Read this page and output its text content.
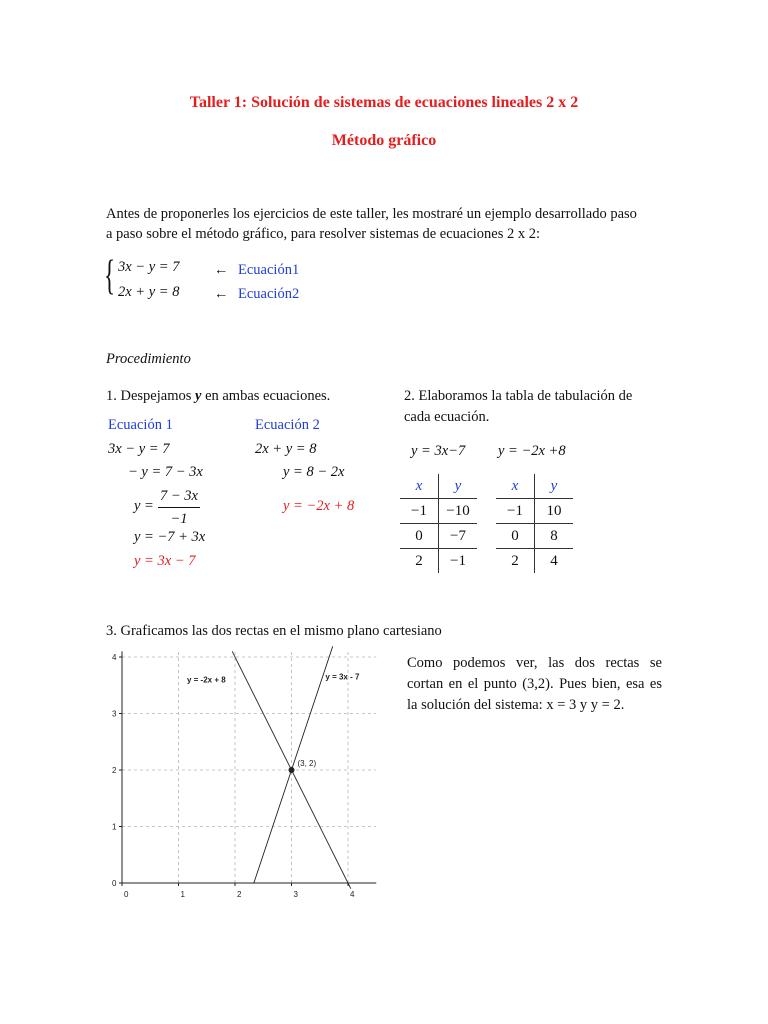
Taller 1: Solución de sistemas de ecuaciones lineales 2 x 2
Método gráfico
Antes de proponerles los ejercicios de este taller, les mostraré un ejemplo desarrollado paso
a paso sobre el método gráfico, para resolver sistemas de ecuaciones 2 x 2:
{ 3x − y = 7
2x + y = 8
← Ecuación1
← Ecuación2
Procedimiento
1. Despejamos y en ambas ecuaciones.
Ecuación 1	Ecuación 2
3x − y = 7
− y = 7 − 3x
$y = \frac{7 - 3x}{-1}$
y = −7 + 3x
y = 3x − 7
2x + y = 8
y = 8 − 2x
y = −2x + 8
2. Elaboramos la tabla de tabulación de
cada ecuación.
y = 3x−7 y = −2x +8
x	y
−1	−10
0	−7
2	−1
x	y
−1	10
0	8
2	4
3. Graficamos las dos rectas en el mismo plano cartesiano
0	1	2	3	4
0
1
2
3
4
y = -2x + 8	y = 3x - 7
(3, 2)
Como podemos ver, las dos rectas se
cortan en el punto (3,2). Pues bien, esa es
la solución del sistema: x = 3 y y = 2.
